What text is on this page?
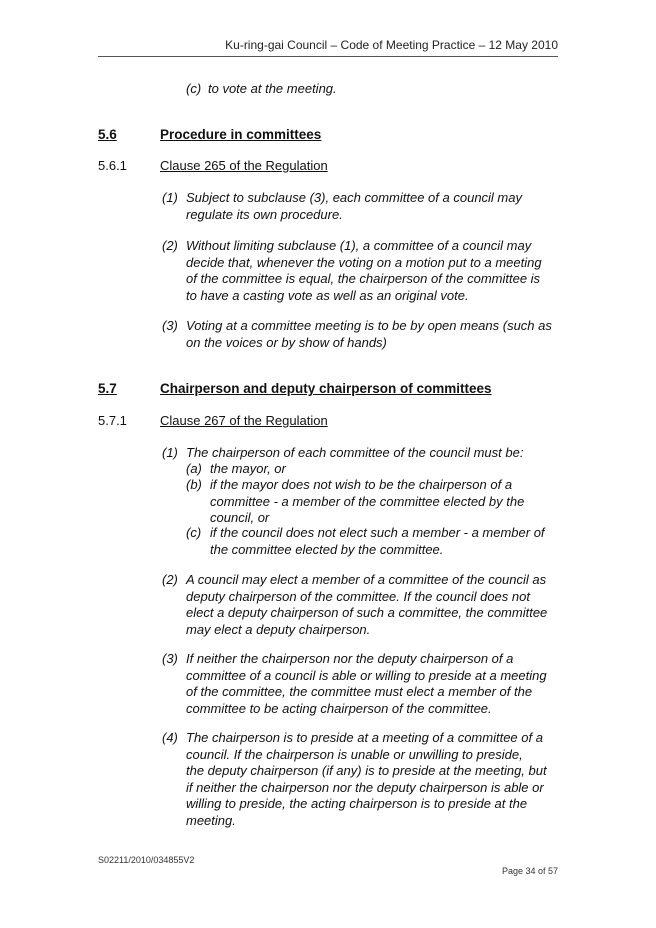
Ku-ring-gai Council – Code of Meeting Practice – 12 May 2010
(c) to vote at the meeting.
5.6	Procedure in committees
5.6.1	Clause 265 of the Regulation
(1) Subject to subclause (3), each committee of a council may
regulate its own procedure.
(2) Without limiting subclause (1), a committee of a council may
decide that, whenever the voting on a motion put to a meeting
of the committee is equal, the chairperson of the committee is
to have a casting vote as well as an original vote.
(3) Voting at a committee meeting is to be by open means (such as
on the voices or by show of hands)
5.7	Chairperson and deputy chairperson of committees
5.7.1	Clause 267 of the Regulation
(1) The chairperson of each committee of the council must be:
(a) the mayor, or
(b) if the mayor does not wish to be the chairperson of a
committee - a member of the committee elected by the
council, or
(c) if the council does not elect such a member - a member of
the committee elected by the committee.
(2) A council may elect a member of a committee of the council as
deputy chairperson of the committee. If the council does not
elect a deputy chairperson of such a committee, the committee
may elect a deputy chairperson.
(3) If neither the chairperson nor the deputy chairperson of a
committee of a council is able or willing to preside at a meeting
of the committee, the committee must elect a member of the
committee to be acting chairperson of the committee.
(4) The chairperson is to preside at a meeting of a committee of a
council. If the chairperson is unable or unwilling to preside,
the deputy chairperson (if any) is to preside at the meeting, but
if neither the chairperson nor the deputy chairperson is able or
willing to preside, the acting chairperson is to preside at the
meeting.
S02211/2010/034855V2
Page 34 of 57
